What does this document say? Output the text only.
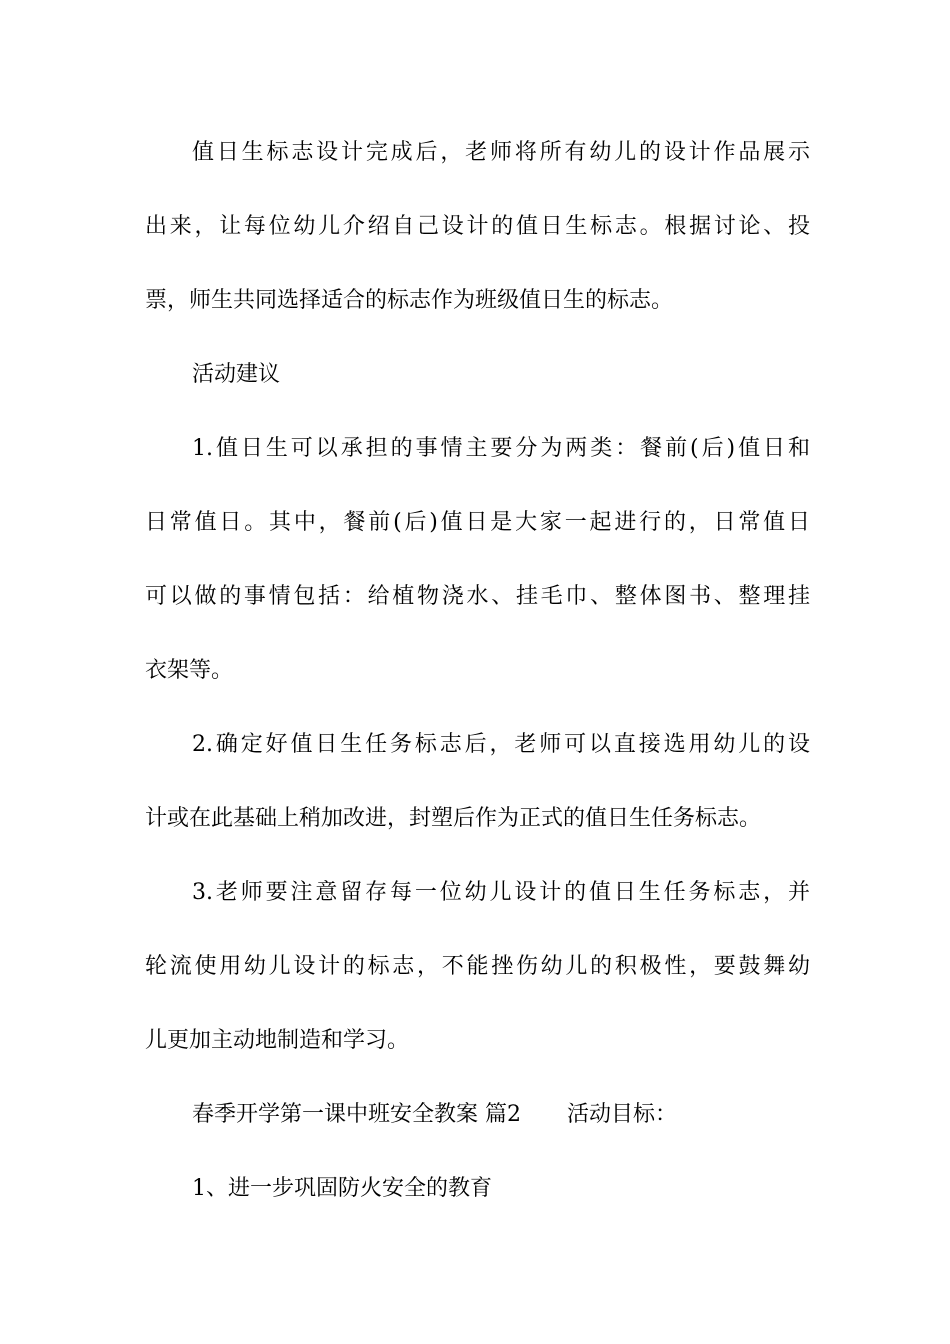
值日生标志设计完成后，老师将所有幼儿的设计作品展示
出来，让每位幼儿介绍自己设计的值日生标志。根据讨论、投
票，师生共同选择适合的标志作为班级值日生的标志。
活动建议
1.值日生可以承担的事情主要分为两类：餐前(后)值日和
日常值日。其中，餐前(后)值日是大家一起进行的，日常值日
可以做的事情包括：给植物浇水、挂毛巾、整体图书、整理挂
衣架等。
2.确定好值日生任务标志后，老师可以直接选用幼儿的设
计或在此基础上稍加改进，封塑后作为正式的值日生任务标志。
3.老师要注意留存每一位幼儿设计的值日生任务标志，并
轮流使用幼儿设计的标志，不能挫伤幼儿的积极性，要鼓舞幼
儿更加主动地制造和学习。
春季开学第一课中班安全教案 篇2 活动目标：
1、进一步巩固防火安全的教育
